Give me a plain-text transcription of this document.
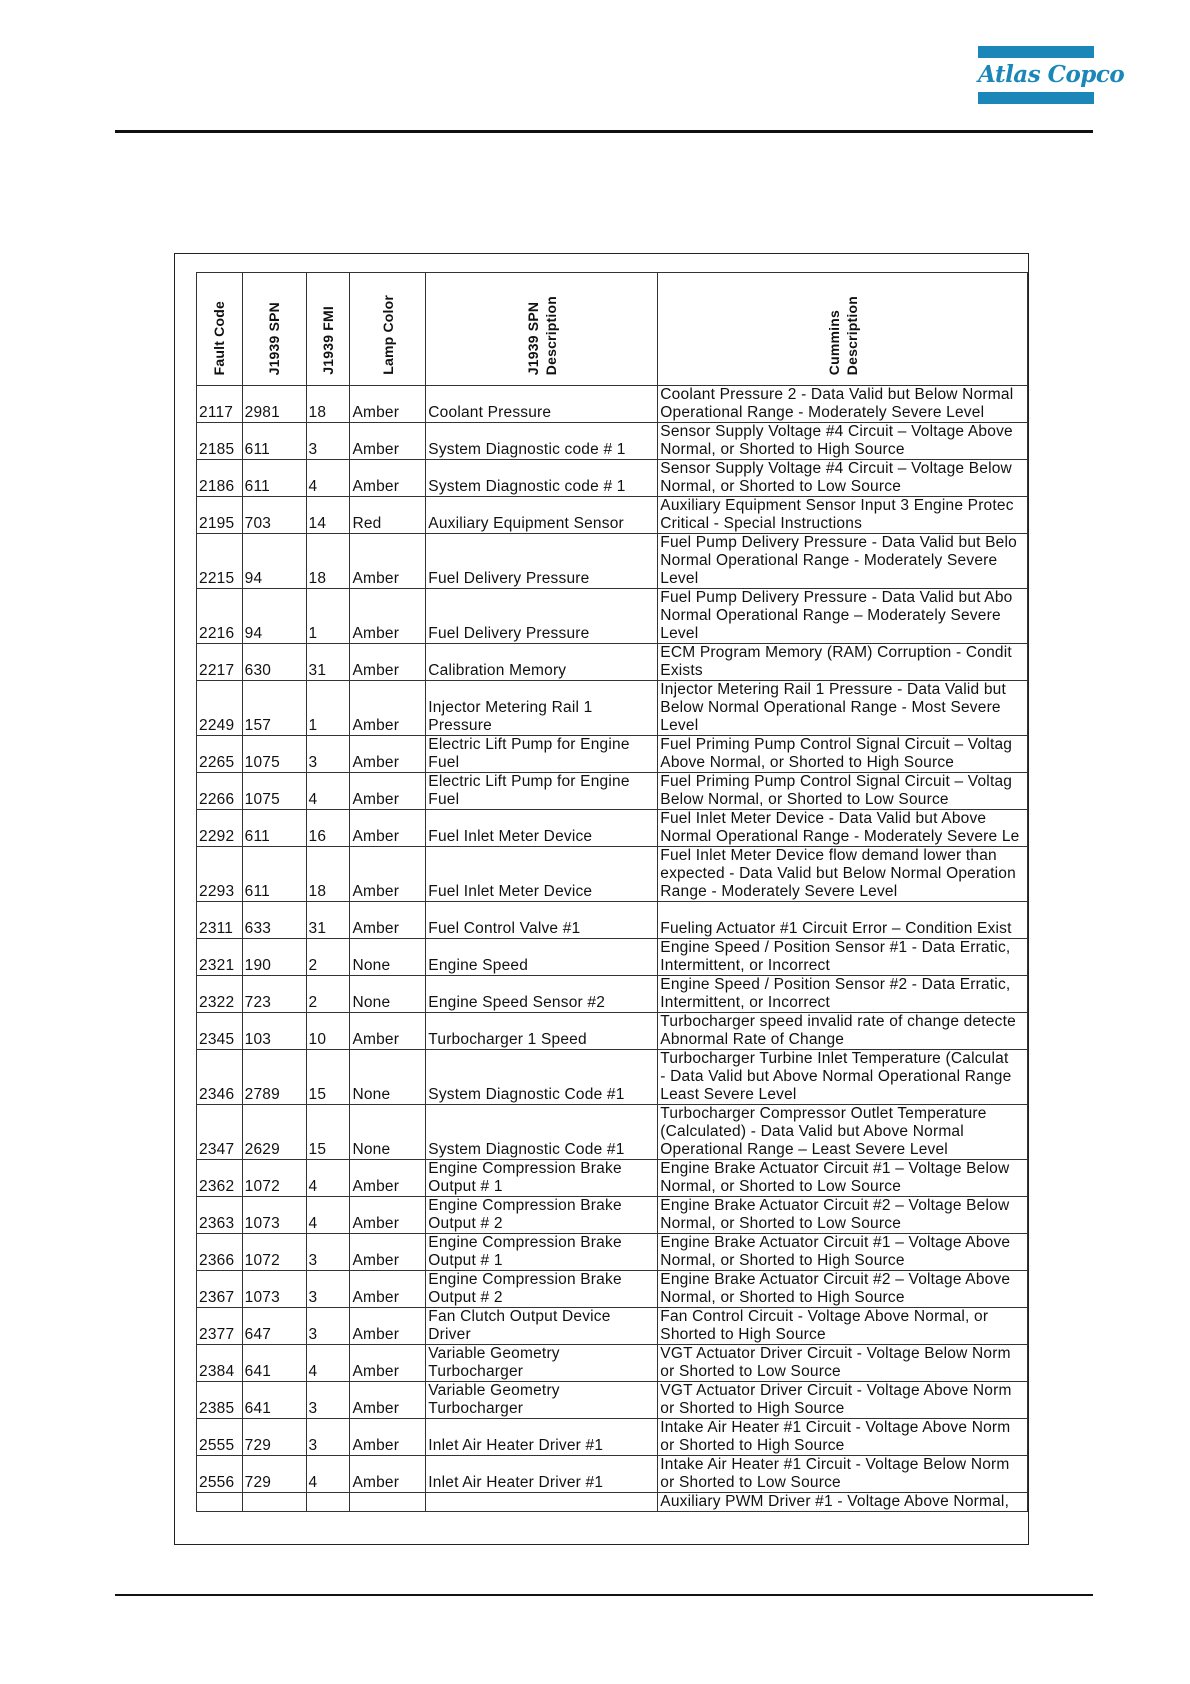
Atlas Copco
Fault Code	J1939 SPN	J1939 FMI	Lamp Color	J1939 SPN
Description	Cummins
Description

2117	2981	18	Amber	Coolant Pressure	Coolant Pressure 2 - Data Valid but Below Normal
Operational Range - Moderately Severe Level

2185	611	3	Amber	System Diagnostic code # 1	Sensor Supply Voltage #4 Circuit – Voltage Above
Normal, or Shorted to High Source

2186	611	4	Amber	System Diagnostic code # 1	Sensor Supply Voltage #4 Circuit – Voltage Below
Normal, or Shorted to Low Source

2195	703	14	Red	Auxiliary Equipment Sensor	Auxiliary Equipment Sensor Input 3 Engine Protec
Critical - Special Instructions

2215	94	18	Amber	Fuel Delivery Pressure	Fuel Pump Delivery Pressure - Data Valid but Belo
Normal Operational Range - Moderately Severe
Level

2216	94	1	Amber	Fuel Delivery Pressure	Fuel Pump Delivery Pressure - Data Valid but Abo
Normal Operational Range – Moderately Severe
Level

2217	630	31	Amber	Calibration Memory	ECM Program Memory (RAM) Corruption - Condit
Exists

2249	157	1	Amber	Injector Metering Rail 1 Pressure	Injector Metering Rail 1 Pressure - Data Valid but
Below Normal Operational Range - Most Severe
Level

2265	1075	3	Amber	Electric Lift Pump for Engine Fuel	Fuel Priming Pump Control Signal Circuit – Voltag
Above Normal, or Shorted to High Source

2266	1075	4	Amber	Electric Lift Pump for Engine Fuel	Fuel Priming Pump Control Signal Circuit – Voltag
Below Normal, or Shorted to Low Source

2292	611	16	Amber	Fuel Inlet Meter Device	Fuel Inlet Meter Device - Data Valid but Above
Normal Operational Range - Moderately Severe Le

2293	611	18	Amber	Fuel Inlet Meter Device	Fuel Inlet Meter Device flow demand lower than
expected - Data Valid but Below Normal Operation
Range - Moderately Severe Level

2311	633	31	Amber	Fuel Control Valve #1	Fueling Actuator #1 Circuit Error – Condition Exist

2321	190	2	None	Engine Speed	Engine Speed / Position Sensor #1 - Data Erratic,
Intermittent, or Incorrect

2322	723	2	None	Engine Speed Sensor #2	Engine Speed / Position Sensor #2 - Data Erratic,
Intermittent, or Incorrect

2345	103	10	Amber	Turbocharger 1 Speed	Turbocharger speed invalid rate of change detecte
Abnormal Rate of Change

2346	2789	15	None	System Diagnostic Code #1	Turbocharger Turbine Inlet Temperature (Calculat
- Data Valid but Above Normal Operational Range
Least Severe Level

2347	2629	15	None	System Diagnostic Code #1	Turbocharger Compressor Outlet Temperature
(Calculated) - Data Valid but Above Normal
Operational Range – Least Severe Level

2362	1072	4	Amber	Engine Compression Brake Output # 1	Engine Brake Actuator Circuit #1 – Voltage Below
Normal, or Shorted to Low Source

2363	1073	4	Amber	Engine Compression Brake Output # 2	Engine Brake Actuator Circuit #2 – Voltage Below
Normal, or Shorted to Low Source

2366	1072	3	Amber	Engine Compression Brake Output # 1	Engine Brake Actuator Circuit #1 – Voltage Above
Normal, or Shorted to High Source

2367	1073	3	Amber	Engine Compression Brake Output # 2	Engine Brake Actuator Circuit #2 – Voltage Above
Normal, or Shorted to High Source

2377	647	3	Amber	Fan Clutch Output Device Driver	Fan Control Circuit - Voltage Above Normal, or
Shorted to High Source

2384	641	4	Amber	Variable Geometry Turbocharger	VGT Actuator Driver Circuit - Voltage Below Norm
or Shorted to Low Source

2385	641	3	Amber	Variable Geometry Turbocharger	VGT Actuator Driver Circuit - Voltage Above Norm
or Shorted to High Source

2555	729	3	Amber	Inlet Air Heater Driver #1	Intake Air Heater #1 Circuit - Voltage Above Norm
or Shorted to High Source

2556	729	4	Amber	Inlet Air Heater Driver #1	Intake Air Heater #1 Circuit - Voltage Below Norm
or Shorted to Low Source

					Auxiliary PWM Driver #1 - Voltage Above Normal,
